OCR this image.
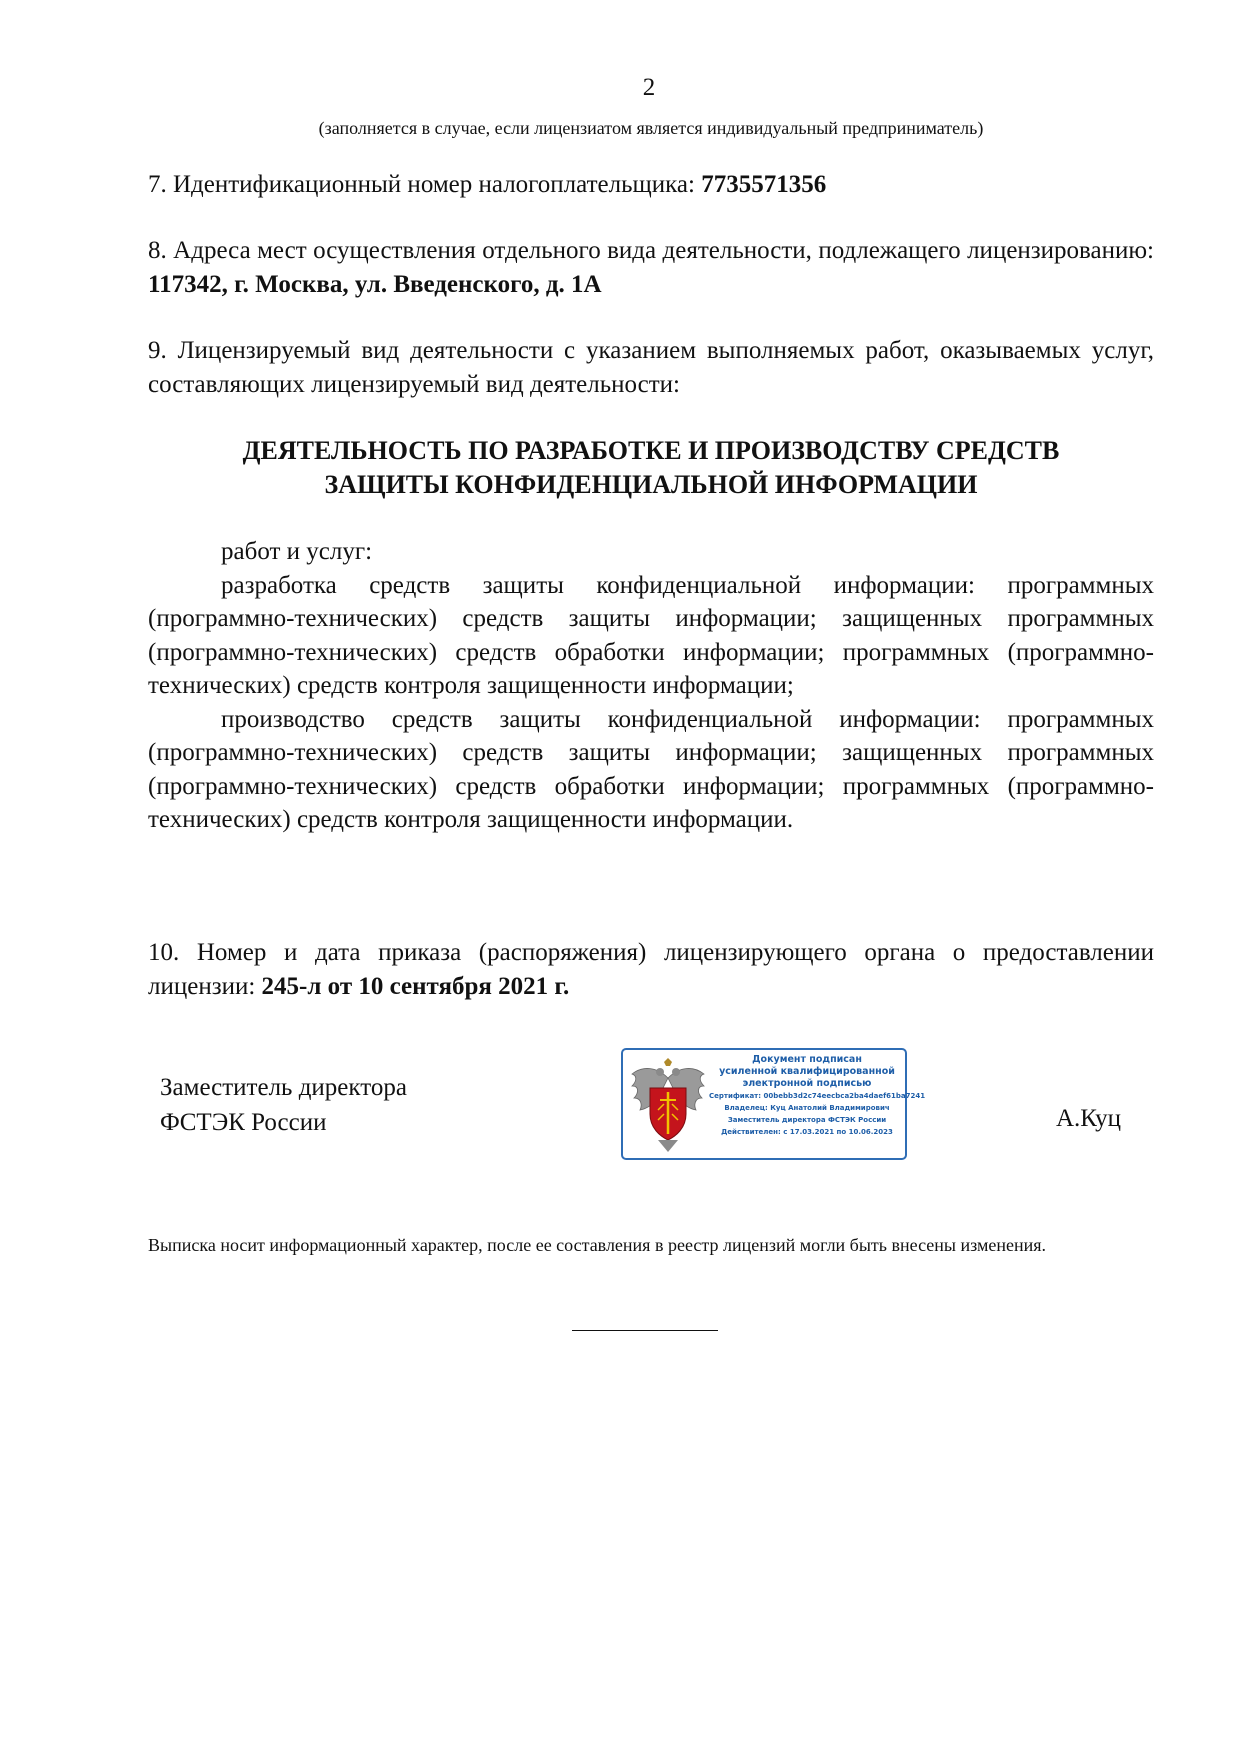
2
(заполняется в случае, если лицензиатом является индивидуальный предприниматель)
7. Идентификационный номер налогоплательщика: 7735571356
8. Адреса мест осуществления отдельного вида деятельности, подлежащего лицензированию: 117342, г. Москва, ул. Введенского, д. 1А
9. Лицензируемый вид деятельности с указанием выполняемых работ, оказываемых услуг, составляющих лицензируемый вид деятельности:
ДЕЯТЕЛЬНОСТЬ ПО РАЗРАБОТКЕ И ПРОИЗВОДСТВУ СРЕДСТВ
ЗАЩИТЫ КОНФИДЕНЦИАЛЬНОЙ ИНФОРМАЦИИ

работ и услуг:

разработка средств защиты конфиденциальной информации: программных (программно-технических) средств защиты информации; защищенных программных (программно-технических) средств обработки информации; программных (программно-технических) средств контроля защищенности информации;

производство средств защиты конфиденциальной информации: программных (программно-технических) средств защиты информации; защищенных программных (программно-технических) средств обработки информации; программных (программно-технических) средств контроля защищенности информации.

10. Номер и дата приказа (распоряжения) лицензирующего органа о предоставлении лицензии: 245-л от 10 сентября 2021 г.
Заместитель директора
ФСТЭК России
Документ подписан
усиленной квалифицированной
электронной подписью
Сертификат: 00bebb3d2c74eecbca2ba4daef61ba7241
Владелец: Куц Анатолий Владимирович
Заместитель директора ФСТЭК России
Действителен: с 17.03.2021 по 10.06.2023	А.Куц
Выписка носит информационный характер, после ее составления в реестр лицензий могли быть внесены изменения.
